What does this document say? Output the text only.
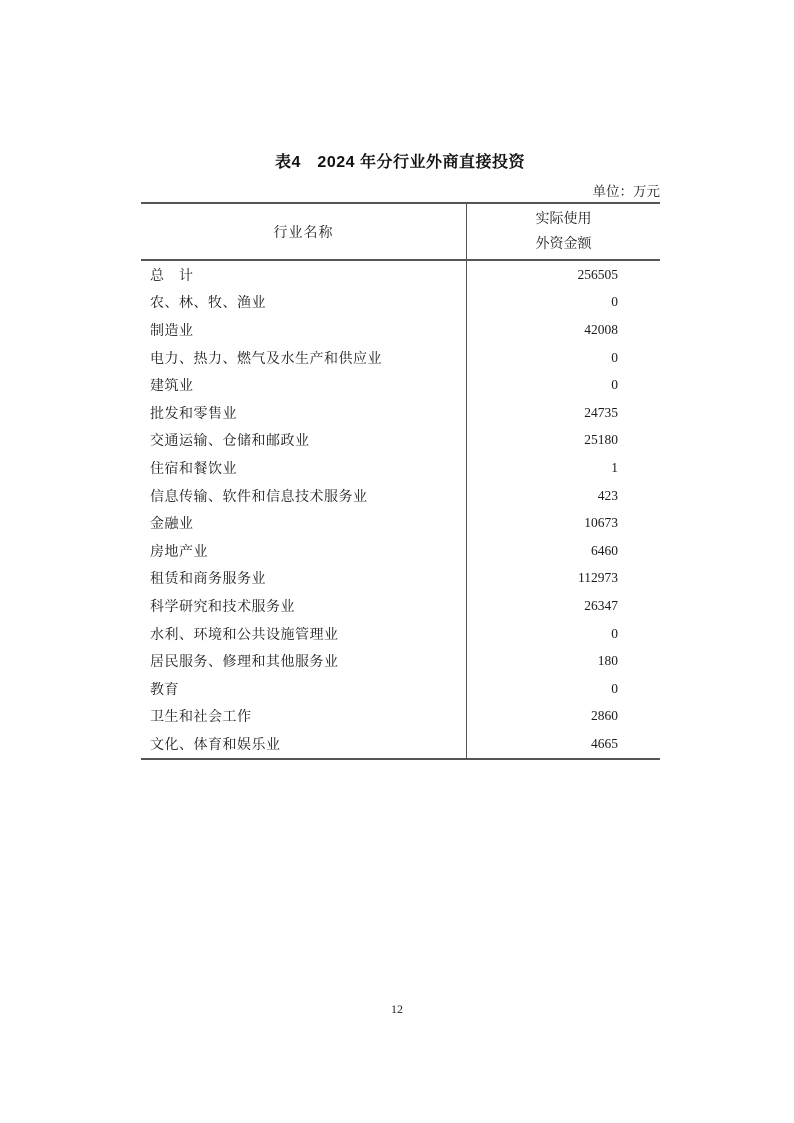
表4　2024 年分行业外商直接投资
单位：万元
行业名称
实际使用
外资金额
总　计	256505
农、林、牧、渔业	0
制造业	42008
电力、热力、燃气及水生产和供应业	0
建筑业	0
批发和零售业	24735
交通运输、仓储和邮政业	25180
住宿和餐饮业	1
信息传输、软件和信息技术服务业	423
金融业	10673
房地产业	6460
租赁和商务服务业	112973
科学研究和技术服务业	26347
水利、环境和公共设施管理业	0
居民服务、修理和其他服务业	180
教育	0
卫生和社会工作	2860
文化、体育和娱乐业	4665
12
